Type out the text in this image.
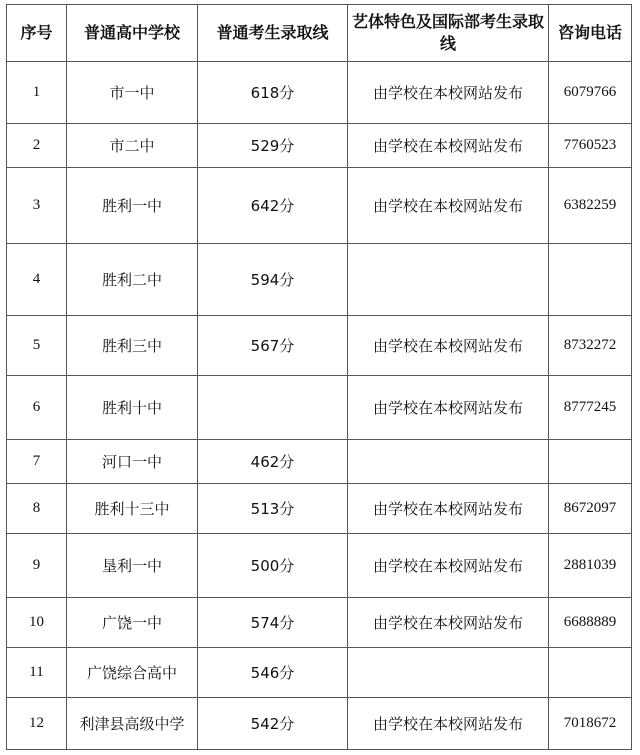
序号	普通高中学校	普通考生录取线	艺体特色及国际部考生录取线	咨询电话
1	市一中	618分	由学校在本校网站发布	6079766
2	市二中	529分	由学校在本校网站发布	7760523
3	胜利一中	642分	由学校在本校网站发布	6382259
4	胜利二中	594分		
5	胜利三中	567分	由学校在本校网站发布	8732272
6	胜利十中		由学校在本校网站发布	8777245
7	河口一中	462分		
8	胜利十三中	513分	由学校在本校网站发布	8672097
9	垦利一中	500分	由学校在本校网站发布	2881039
10	广饶一中	574分	由学校在本校网站发布	6688889
11	广饶综合高中	546分		
12	利津县高级中学	542分	由学校在本校网站发布	7018672
